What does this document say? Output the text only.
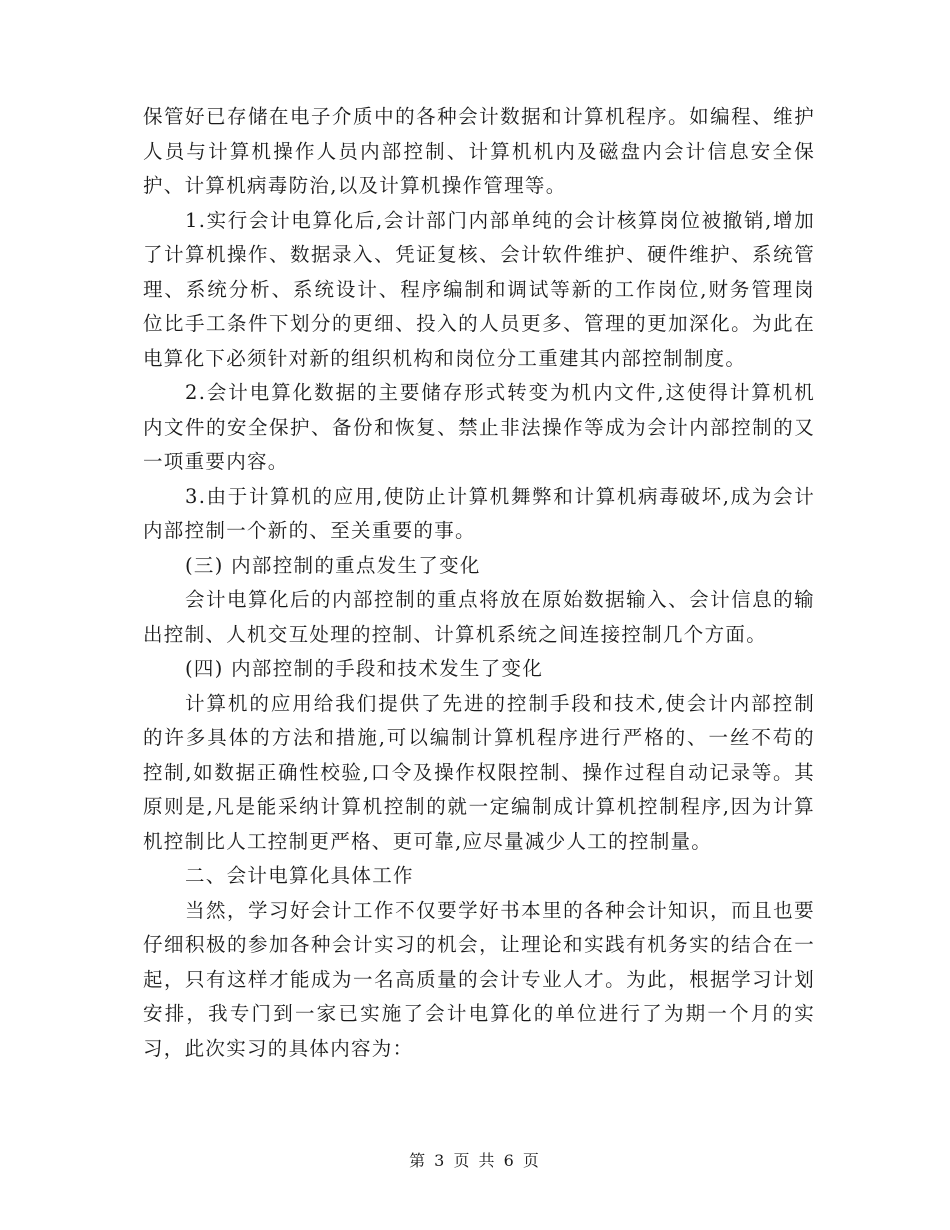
保管好已存储在电子介质中的各种会计数据和计算机程序。如编程、维护人员与计算机操作人员内部控制、计算机机内及磁盘内会计信息安全保护、计算机病毒防治,以及计算机操作管理等。

1.实行会计电算化后,会计部门内部单纯的会计核算岗位被撤销,增加了计算机操作、数据录入、凭证复核、会计软件维护、硬件维护、系统管理、系统分析、系统设计、程序编制和调试等新的工作岗位,财务管理岗位比手工条件下划分的更细、投入的人员更多、管理的更加深化。为此在电算化下必须针对新的组织机构和岗位分工重建其内部控制制度。

2.会计电算化数据的主要储存形式转变为机内文件,这使得计算机机内文件的安全保护、备份和恢复、禁止非法操作等成为会计内部控制的又一项重要内容。

3.由于计算机的应用,使防止计算机舞弊和计算机病毒破坏,成为会计内部控制一个新的、至关重要的事。

(三) 内部控制的重点发生了变化

会计电算化后的内部控制的重点将放在原始数据输入、会计信息的输出控制、人机交互处理的控制、计算机系统之间连接控制几个方面。

(四) 内部控制的手段和技术发生了变化

计算机的应用给我们提供了先进的控制手段和技术,使会计内部控制的许多具体的方法和措施,可以编制计算机程序进行严格的、一丝不苟的控制,如数据正确性校验,口令及操作权限控制、操作过程自动记录等。其原则是,凡是能采纳计算机控制的就一定编制成计算机控制程序,因为计算机控制比人工控制更严格、更可靠,应尽量减少人工的控制量。

二、会计电算化具体工作

当然，学习好会计工作不仅要学好书本里的各种会计知识，而且也要仔细积极的参加各种会计实习的机会，让理论和实践有机务实的结合在一起，只有这样才能成为一名高质量的会计专业人才。为此，根据学习计划安排，我专门到一家已实施了会计电算化的单位进行了为期一个月的实习，此次实习的具体内容为：

第 3 页 共 6 页
